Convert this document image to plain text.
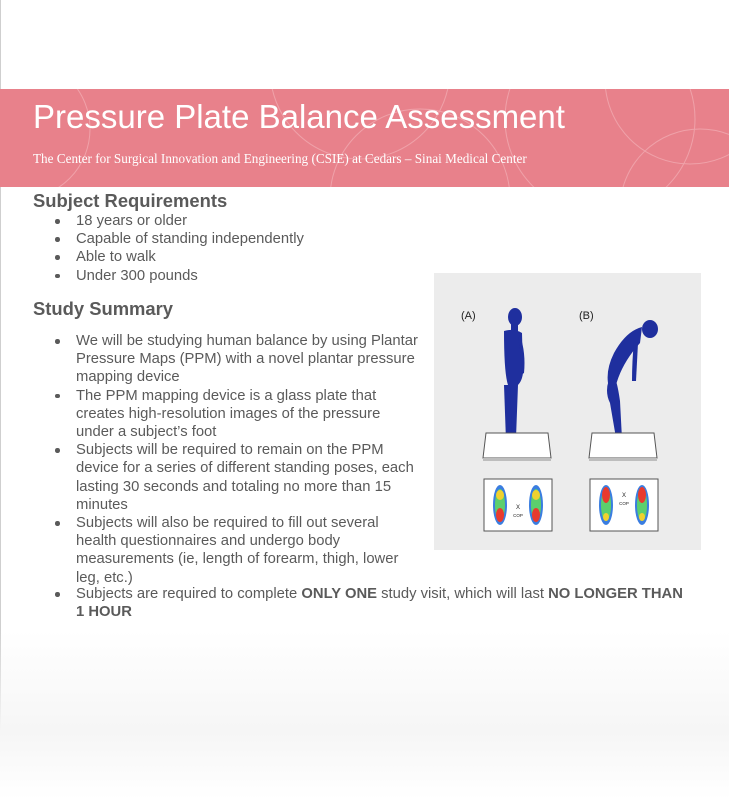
Pressure Plate Balance Assessment
The Center for Surgical Innovation and Engineering (CSIE) at Cedars – Sinai Medical Center
Subject Requirements
18 years or older
Capable of standing independently
Able to walk
Under 300 pounds
Study Summary
We will be studying human balance by using Plantar Pressure Maps (PPM) with a novel plantar pressure mapping device
The PPM mapping device is a glass plate that creates high-resolution images of the pressure under a subject’s foot
Subjects will be required to remain on the PPM device for a series of different standing poses, each lasting 30 seconds and totaling no more than 15 minutes
Subjects will also be required to fill out several health questionnaires and undergo body measurements (ie, length of forearm, thigh, lower leg, etc.)
Subjects are required to complete ONLY ONE study visit, which will last NO LONGER THAN 1 HOUR
(A)	(B)
X
COP
X
COP
